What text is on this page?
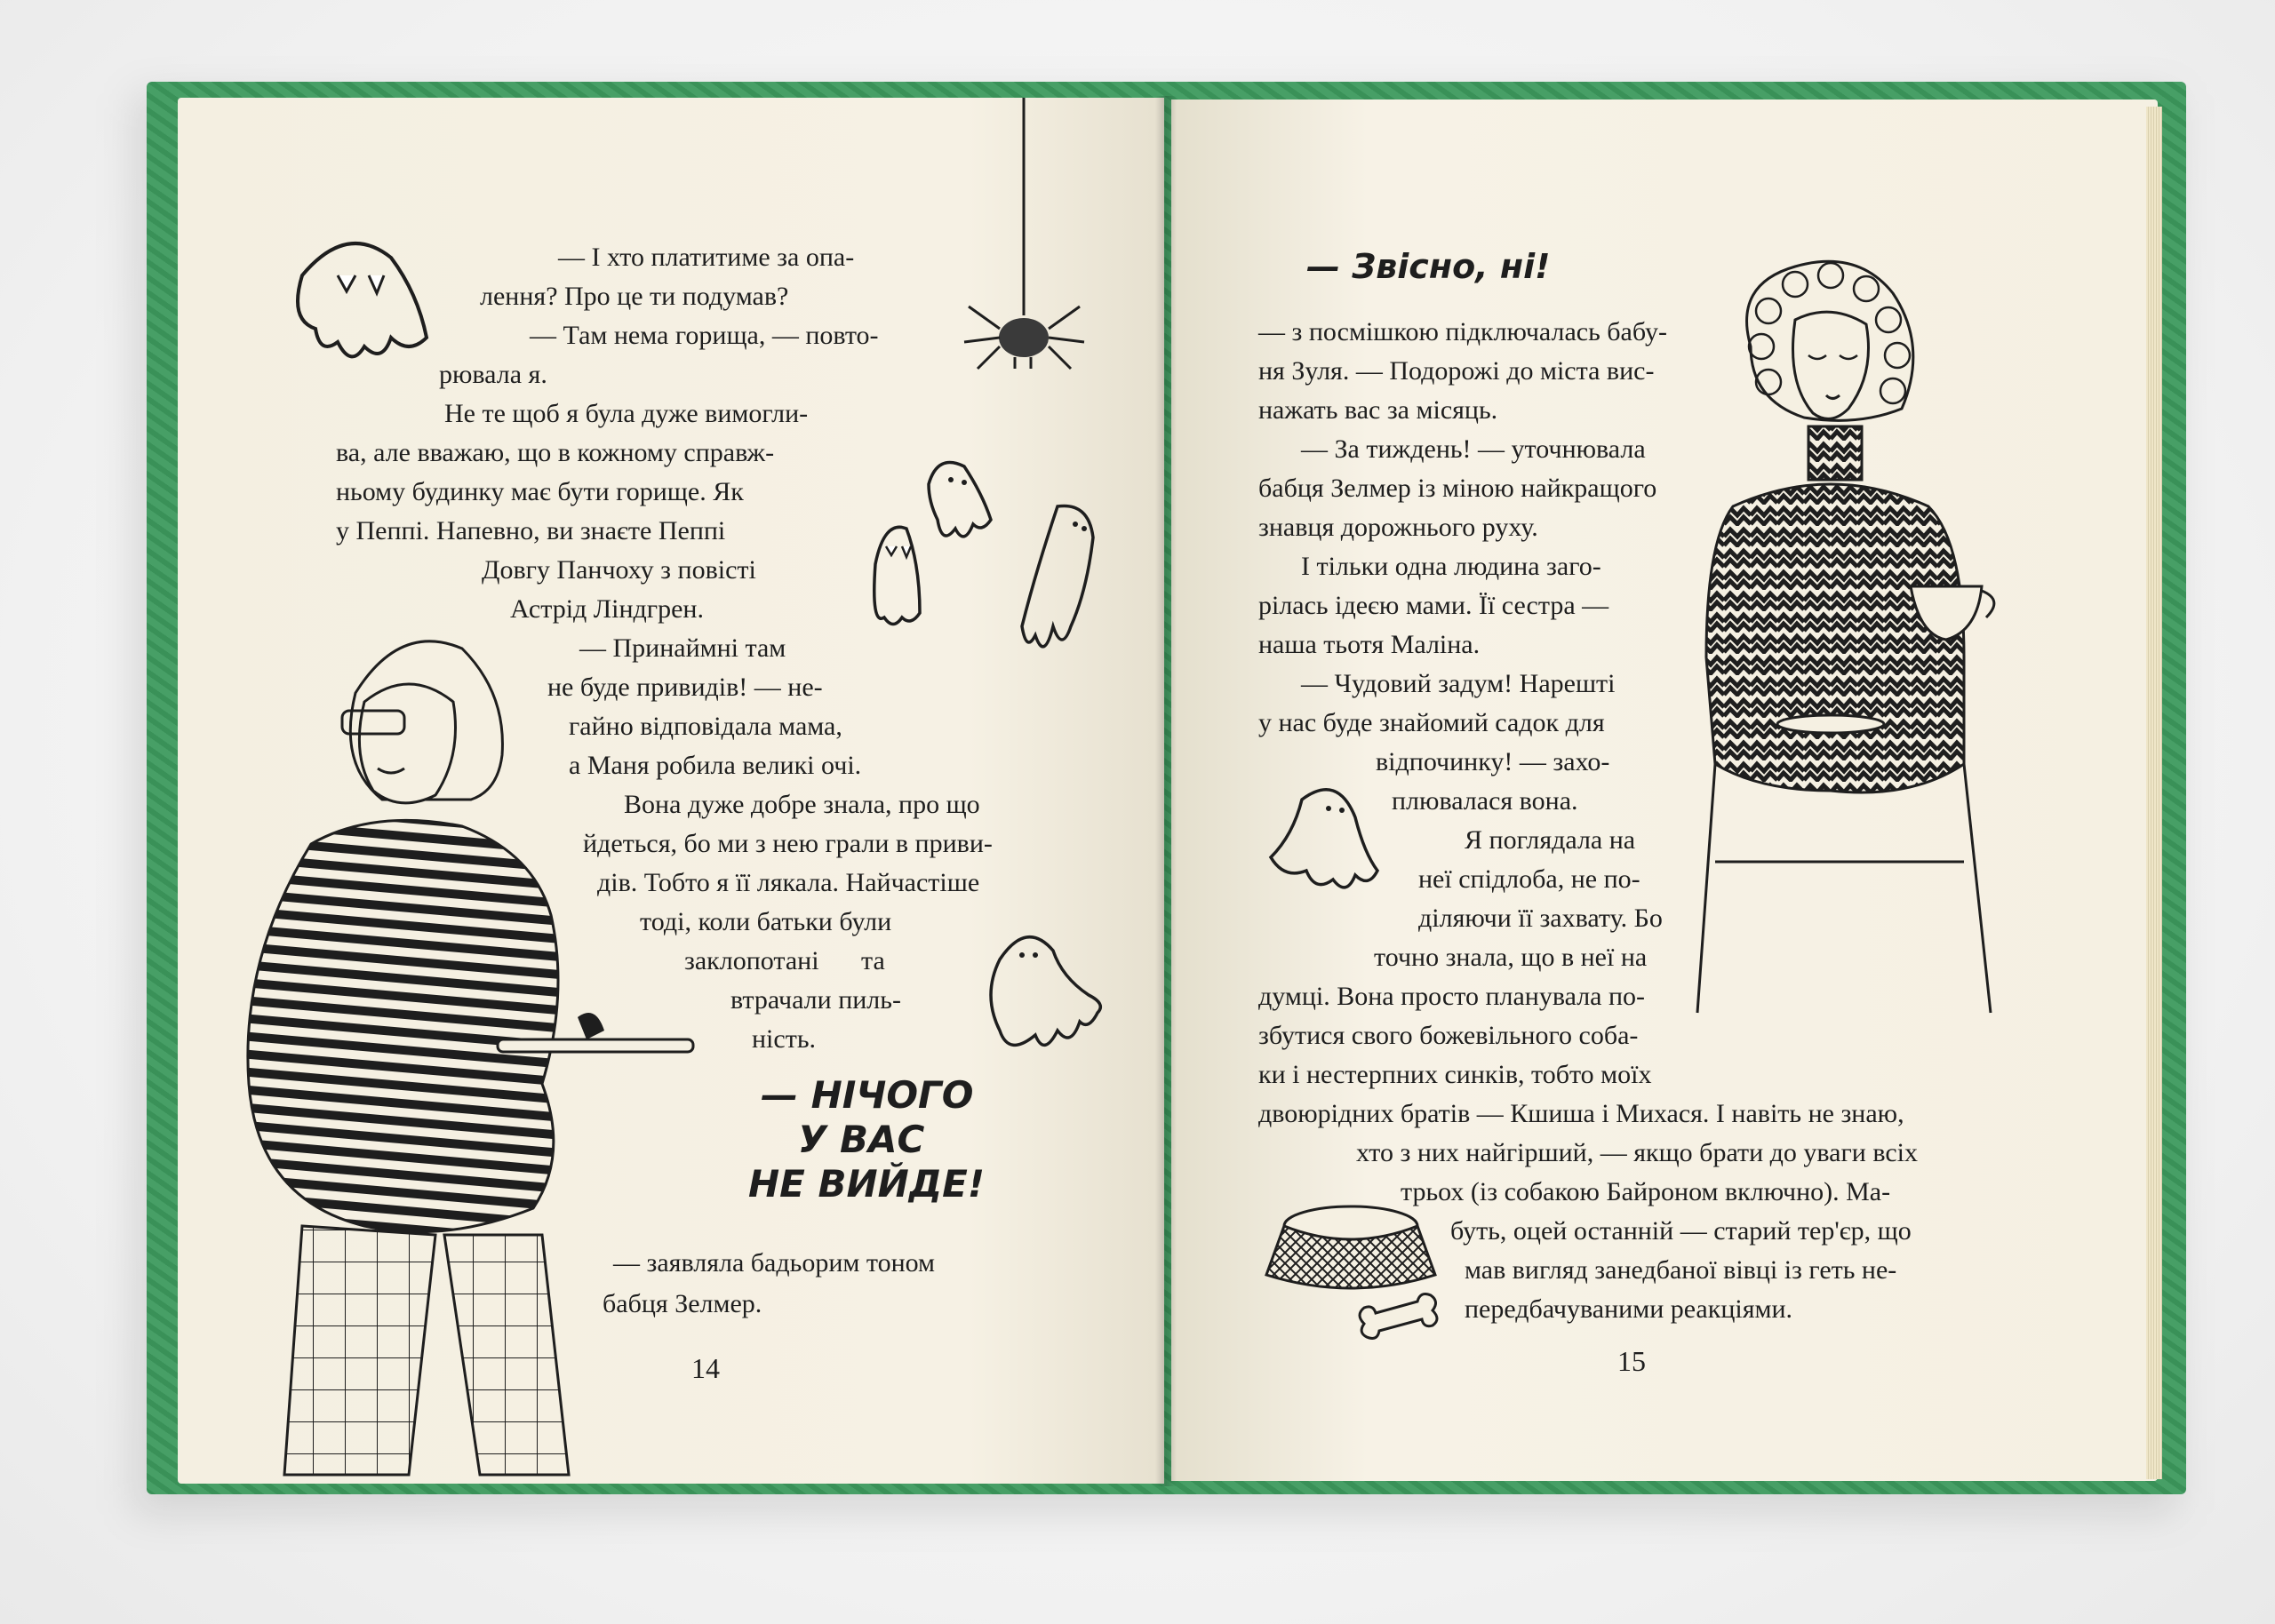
— І хто платитиме за опа-
лення? Про це ти подумав?
— Там нема горища, — повто-
рювала я.
Не те щоб я була дуже вимогли-
ва, але вважаю, що в кожному справж-
ньому будинку має бути горище. Як
у Пеппі. Напевно, ви знаєте Пеппі
Довгу Панчоху з повісті
Астрід Ліндгрен.
— Принаймні там
не буде привидів! — не-
гайно відповідала мама,
а Маня робила великі очі.
Вона дуже добре знала, про що
йдеться, бо ми з нею грали в приви-
дів. Тобто я її лякала. Найчастіше
тоді, коли батьки були
заклопотані та
втрачали пиль-
ність.
— НІЧОГО
У ВАС
НЕ ВИЙДЕ!
— заявляла бадьорим тоном
бабця Зелмер.
14
— Звісно, ні!
— з посмішкою підключалась бабу-
ня Зуля. — Подорожі до міста вис-
нажать вас за місяць.
— За тиждень! — уточнювала
бабця Зелмер із міною найкращого
знавця дорожнього руху.
І тільки одна людина заго-
рілась ідеєю мами. Її сестра —
наша тьотя Маліна.
— Чудовий задум! Нарешті
у нас буде знайомий садок для
відпочинку! — захо-
плювалася вона.
Я поглядала на
неї спідлоба, не по-
діляючи її захвату. Бо
точно знала, що в неї на
думці. Вона просто планувала по-
збутися свого божевільного соба-
ки і нестерпних синків, тобто моїх
двоюрідних братів — Кшиша і Михася. І навіть не знаю,
хто з них найгірший, — якщо брати до уваги всіх
трьох (із собакою Байроном включно). Ма-
буть, оцей останній — старий тер'єр, що
мав вигляд занедбаної вівці із геть не-
передбачуваними реакціями.
15
